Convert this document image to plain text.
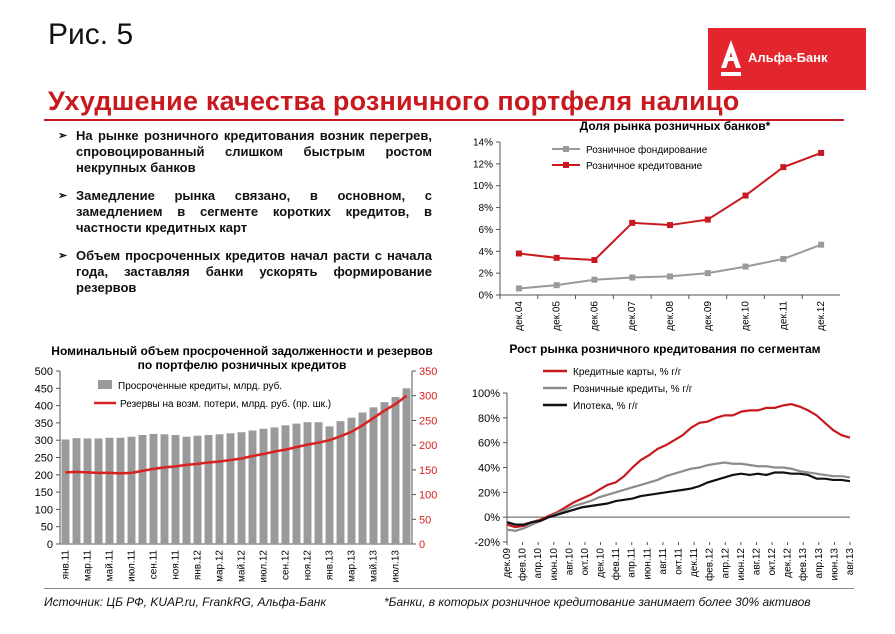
Рис. 5
Альфа-Банк
Ухудшение качества розничного портфеля налицо
➢ На рынке розничного кредитования возник перегрев, спровоцированный слишком быстрым ростом некрупных банков
➢ Замедление рынка связано, в основном, с замедлением в сегменте коротких кредитов, в частности кредитных карт
➢ Объем просроченных кредитов начал расти с начала года, заставляя банки ускорять формирование резервов
Доля рынка розничных банков*
0%
2%
4%
6%
8%
10%
12%
14%
дек.04	дек.05	дек.06	дек.07	дек.08	дек.09	дек.10	дек.11	дек.12
Розничное фондирование
Розничное кредитование
Номинальный объем просроченной задолженности и резервов
по портфелю розничных кредитов
0
50
100
150
200
250
300
350
400
450
500
0
50
100
150
200
250
300
350
янв.11 мар.11 май.11 июл.11 сен.11 ноя.11 янв.12 мар.12 май.12 июл.12 сен.12 ноя.12 янв.13 мар.13 май.13 июл.13
Просроченные кредиты, млрд. руб.
Резервы на возм. потери, млрд. руб. (пр. шк.)
Рост рынка розничного кредитования по сегментам
-20%
0%
20%
40%
60%
80%
100%
дек.09 фев.10 апр.10 июн.10 авг.10 окт.10 дек.10 фев.11 апр.11 июн.11 авг.11 окт.11 дек.11 фев.12 апр.12 июн.12 авг.12 окт.12 дек.12 фев.13 апр.13 июн.13 авг.13
Кредитные карты, % г/г
Розничные кредиты, % г/г
Ипотека, % г/г
Источник: ЦБ РФ, KUAP.ru, FrankRG, Альфа-Банк	*Банки, в которых розничное кредитование занимает более 30% активов
